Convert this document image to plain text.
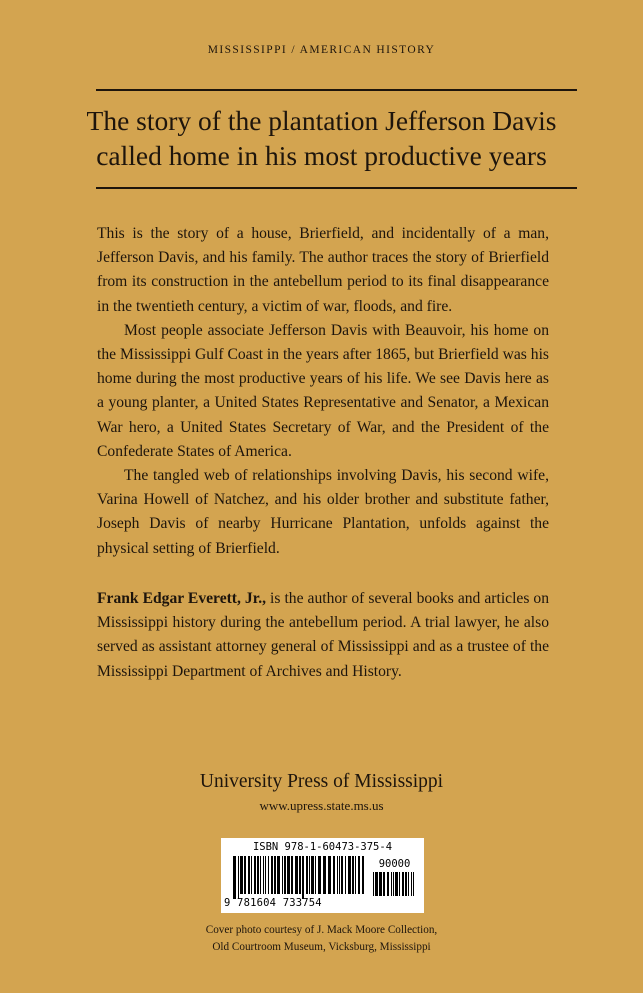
MISSISSIPPI / AMERICAN HISTORY
The story of the plantation Jefferson Davis
called home in his most productive years

This is the story of a house, Brierfield, and incidentally of a man, Jefferson Davis, and his family. The author traces the story of Brierfield from its construction in the antebellum period to its final disappearance in the twentieth century, a victim of war, floods, and fire.

Most people associate Jefferson Davis with Beauvoir, his home on the Mississippi Gulf Coast in the years after 1865, but Brierfield was his home during the most productive years of his life. We see Davis here as a young planter, a United States Representative and Senator, a Mexican War hero, a United States Secretary of War, and the President of the Confederate States of America.

The tangled web of relationships involving Davis, his second wife, Varina Howell of Natchez, and his older brother and substitute father, Joseph Davis of nearby Hurricane Plantation, unfolds against the physical setting of Brierfield.

Frank Edgar Everett, Jr., is the author of several books and articles on Mississippi history during the antebellum period. A trial lawyer, he also served as assistant attorney general of Mississippi and as a trustee of the Mississippi Department of Archives and History.

University Press of Mississippi
www.upress.state.ms.us
ISBN 978-1-60473-375-4
9 781604 733754
90000
Cover photo courtesy of J. Mack Moore Collection,
Old Courtroom Museum, Vicksburg, Mississippi
